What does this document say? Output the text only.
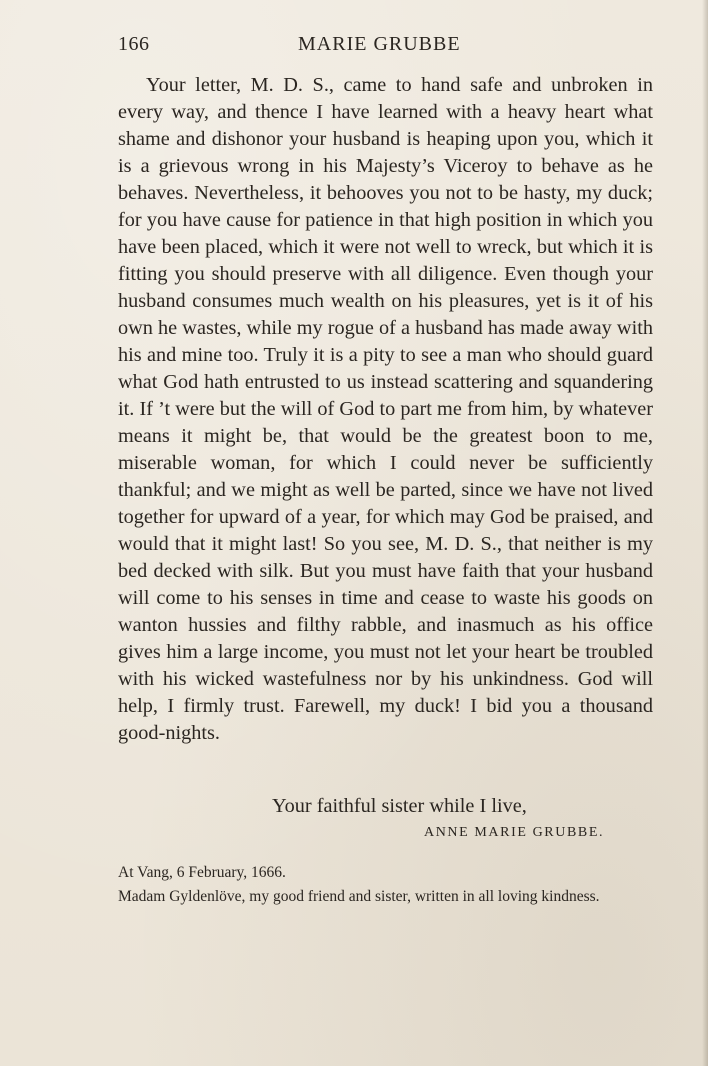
166	MARIE GRUBBE

Your letter, M. D. S., came to hand safe and unbroken in every way, and thence I have learned with a heavy heart what shame and dishonor your husband is heaping upon you, which it is a grievous wrong in his Majesty’s Viceroy to behave as he behaves. Nevertheless, it behooves you not to be hasty, my duck; for you have cause for patience in that high position in which you have been placed, which it were not well to wreck, but which it is fitting you should preserve with all diligence. Even though your husband consumes much wealth on his pleasures, yet is it of his own he wastes, while my rogue of a husband has made away with his and mine too. Truly it is a pity to see a man who should guard what God hath entrusted to us instead scattering and squandering it. If ’t were but the will of God to part me from him, by whatever means it might be, that would be the greatest boon to me, miserable woman, for which I could never be sufficiently thankful; and we might as well be parted, since we have not lived together for upward of a year, for which may God be praised, and would that it might last! So you see, M. D. S., that neither is my bed decked with silk. But you must have faith that your husband will come to his senses in time and cease to waste his goods on wanton hussies and filthy rabble, and inasmuch as his office gives him a large income, you must not let your heart be troubled with his wicked wastefulness nor by his unkindness. God will help, I firmly trust. Farewell, my duck! I bid you a thousand good-nights.

Your faithful sister while I live,
ANNE MARIE GRUBBE.
At Vang, 6 February, 1666.
Madam Gyldenlöve, my good friend and sister, written in all loving kindness.
